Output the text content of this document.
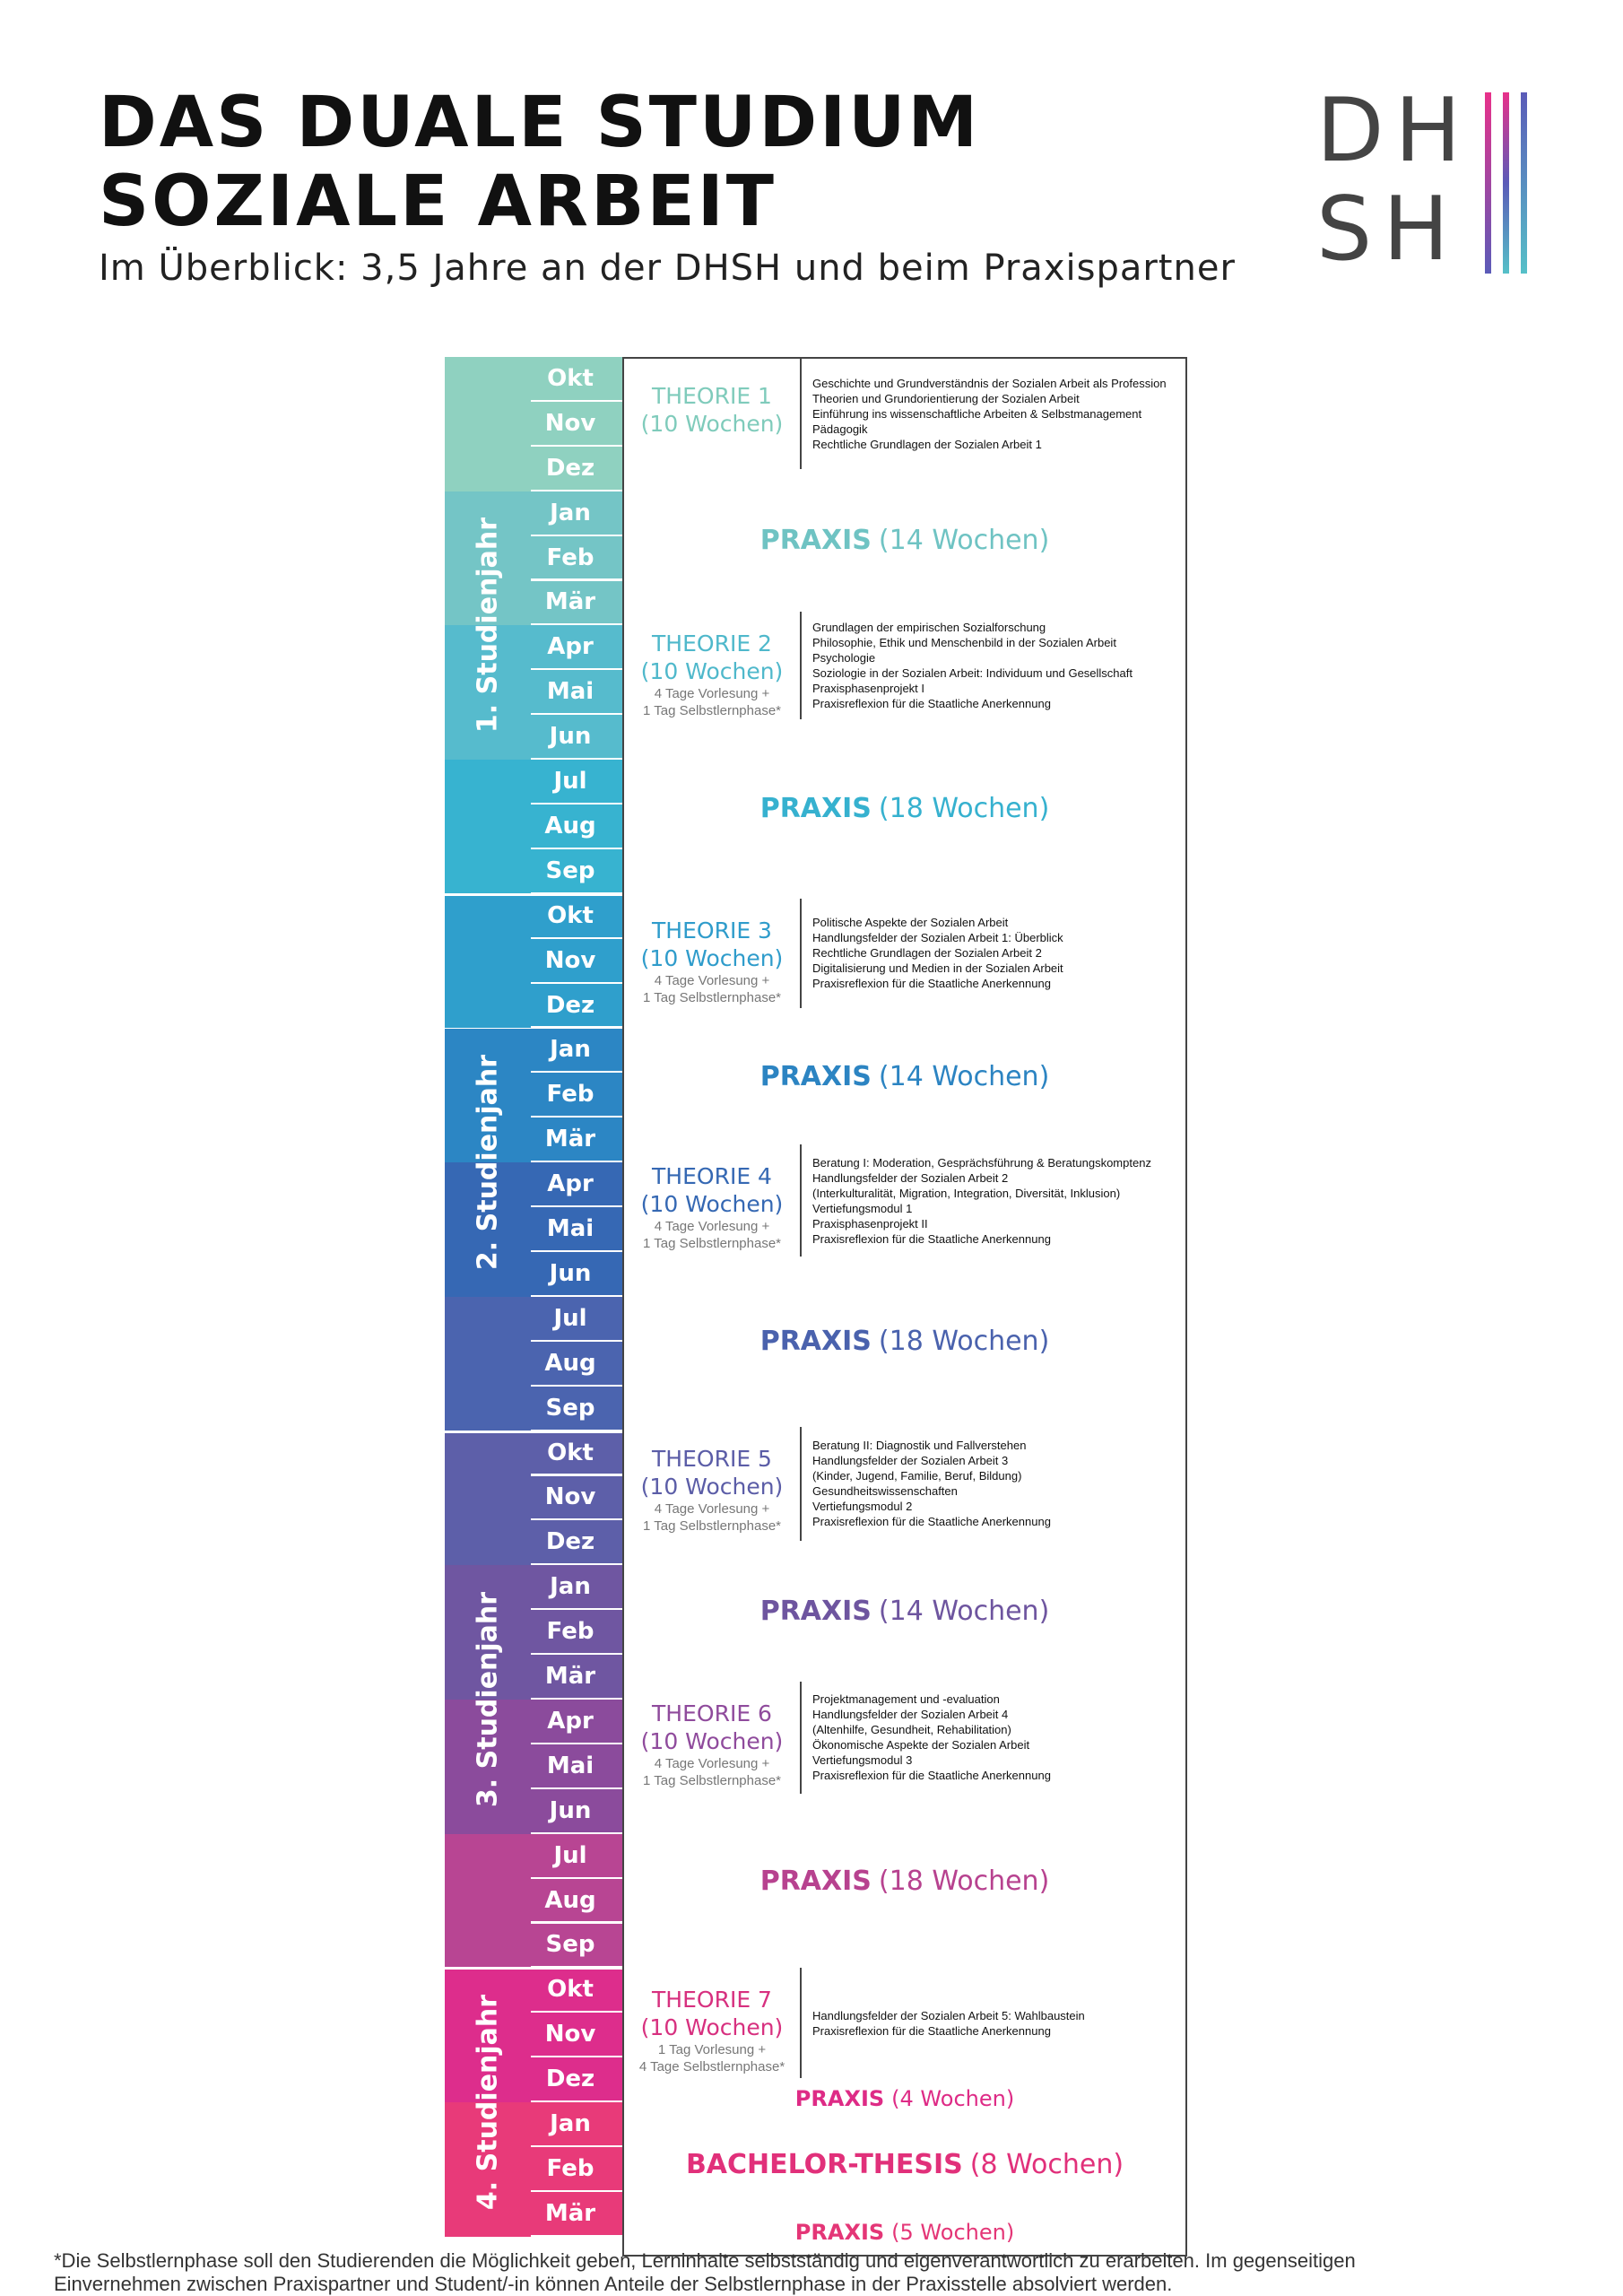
DAS DUALE STUDIUM
SOZIALE ARBEIT
Im Überblick: 3,5 Jahre an der DHSH und beim Praxispartner
DH
SH
Okt
Nov
Dez
Jan
Feb
Mär
Apr
Mai
Jun
Jul
Aug
Sep
Okt
Nov
Dez
Jan
Feb
Mär
Apr
Mai
Jun
Jul
Aug
Sep
Okt
Nov
Dez
Jan
Feb
Mär
Apr
Mai
Jun
Jul
Aug
Sep
Okt
Nov
Dez
Jan
Feb
Mär
1. Studienjahr
2. Studienjahr
3. Studienjahr
4. Studienjahr
THEORIE 1
(10 Wochen)
Geschichte und Grundverständnis der Sozialen Arbeit als Profession
Theorien und Grundorientierung der Sozialen Arbeit
Einführung ins wissenschaftliche Arbeiten & Selbstmanagement
Pädagogik
Rechtliche Grundlagen der Sozialen Arbeit 1
PRAXIS (14 Wochen)
THEORIE 2
(10 Wochen)
4 Tage Vorlesung +
1 Tag Selbstlernphase*
Grundlagen der empirischen Sozialforschung
Philosophie, Ethik und Menschenbild in der Sozialen Arbeit
Psychologie
Soziologie in der Sozialen Arbeit: Individuum und Gesellschaft
Praxisphasenprojekt I
Praxisreflexion für die Staatliche Anerkennung
PRAXIS (18 Wochen)
THEORIE 3
(10 Wochen)
4 Tage Vorlesung +
1 Tag Selbstlernphase*
Politische Aspekte der Sozialen Arbeit
Handlungsfelder der Sozialen Arbeit 1: Überblick
Rechtliche Grundlagen der Sozialen Arbeit 2
Digitalisierung und Medien in der Sozialen Arbeit
Praxisreflexion für die Staatliche Anerkennung
PRAXIS (14 Wochen)
THEORIE 4
(10 Wochen)
4 Tage Vorlesung +
1 Tag Selbstlernphase*
Beratung I: Moderation, Gesprächsführung & Beratungskomptenz
Handlungsfelder der Sozialen Arbeit 2
(Interkulturalität, Migration, Integration, Diversität, Inklusion)
Vertiefungsmodul 1
Praxisphasenprojekt II
Praxisreflexion für die Staatliche Anerkennung
PRAXIS (18 Wochen)
THEORIE 5
(10 Wochen)
4 Tage Vorlesung +
1 Tag Selbstlernphase*
Beratung II: Diagnostik und Fallverstehen
Handlungsfelder der Sozialen Arbeit 3
(Kinder, Jugend, Familie, Beruf, Bildung)
Gesundheitswissenschaften
Vertiefungsmodul 2
Praxisreflexion für die Staatliche Anerkennung
PRAXIS (14 Wochen)
THEORIE 6
(10 Wochen)
4 Tage Vorlesung +
1 Tag Selbstlernphase*
Projektmanagement und -evaluation
Handlungsfelder der Sozialen Arbeit 4
(Altenhilfe, Gesundheit, Rehabilitation)
Ökonomische Aspekte der Sozialen Arbeit
Vertiefungsmodul 3
Praxisreflexion für die Staatliche Anerkennung
PRAXIS (18 Wochen)
THEORIE 7
(10 Wochen)
1 Tag Vorlesung +
4 Tage Selbstlernphase*
Handlungsfelder der Sozialen Arbeit 5: Wahlbaustein
Praxisreflexion für die Staatliche Anerkennung
PRAXIS (4 Wochen)
BACHELOR-THESIS (8 Wochen)
PRAXIS (5 Wochen)
*Die Selbstlernphase soll den Studierenden die Möglichkeit geben, Lerninhalte selbstständig und eigenverantwortlich zu erarbeiten. Im gegenseitigen
Einvernehmen zwischen Praxispartner und Student/-in können Anteile der Selbstlernphase in der Praxisstelle absolviert werden.
